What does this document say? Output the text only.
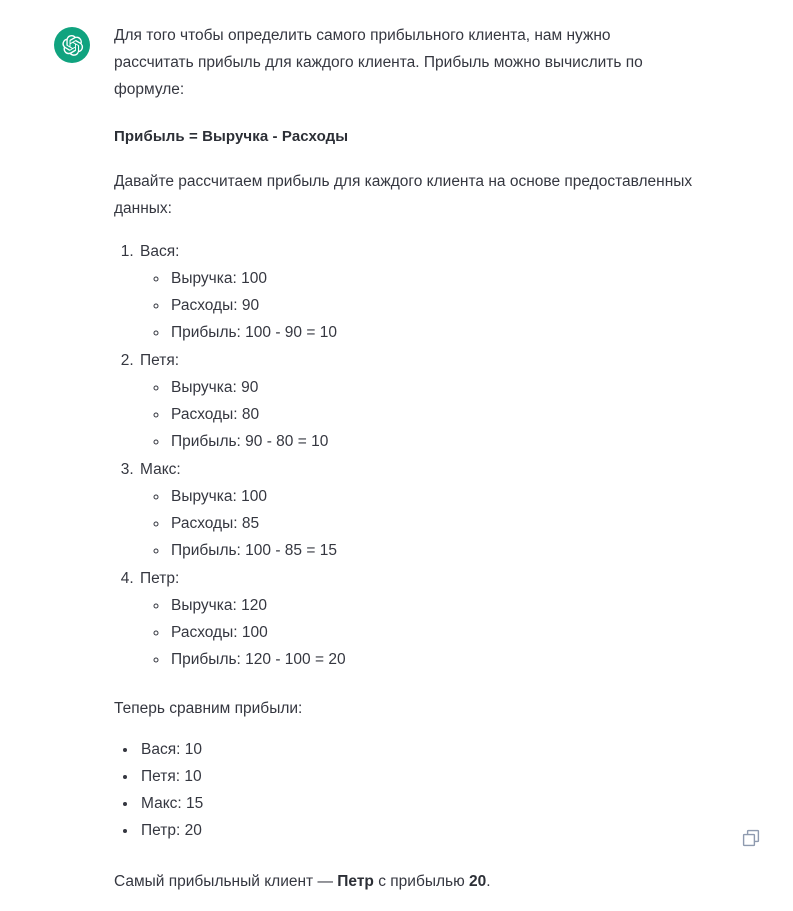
Для того чтобы определить самого прибыльного клиента, нам нужно рассчитать прибыль для каждого клиента. Прибыль можно вычислить по формуле:

Прибыль = Выручка - Расходы

Давайте рассчитаем прибыль для каждого клиента на основе предоставленных данных:

1. Вася:
◦ Выручка: 100
◦ Расходы: 90
◦ Прибыль: 100 - 90 = 10
2. Петя:
◦ Выручка: 90
◦ Расходы: 80
◦ Прибыль: 90 - 80 = 10
3. Макс:
◦ Выручка: 100
◦ Расходы: 85
◦ Прибыль: 100 - 85 = 15
4. Петр:
◦ Выручка: 120
◦ Расходы: 100
◦ Прибыль: 120 - 100 = 20

Теперь сравним прибыли:

• Вася: 10
• Петя: 10
• Макс: 15
• Петр: 20

Самый прибыльный клиент — Петр с прибылью 20.
